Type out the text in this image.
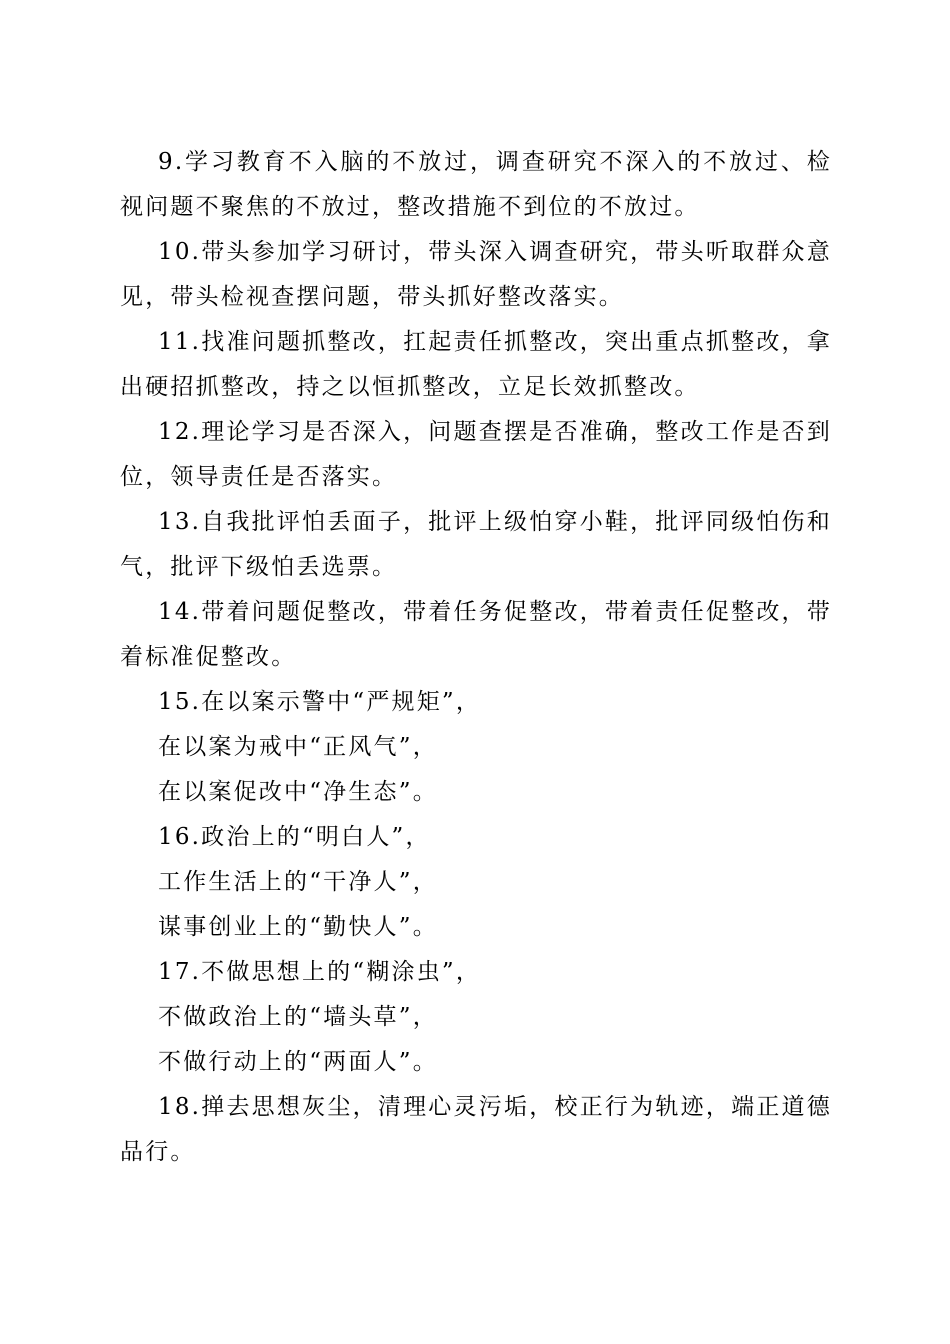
9.学习教育不入脑的不放过，调查研究不深入的不放过、检视问题不聚焦的不放过，整改措施不到位的不放过。

10.带头参加学习研讨，带头深入调查研究，带头听取群众意见，带头检视查摆问题，带头抓好整改落实。

11.找准问题抓整改，扛起责任抓整改，突出重点抓整改，拿出硬招抓整改，持之以恒抓整改，立足长效抓整改。

12.理论学习是否深入，问题查摆是否准确，整改工作是否到位，领导责任是否落实。

13.自我批评怕丢面子，批评上级怕穿小鞋，批评同级怕伤和气，批评下级怕丢选票。

14.带着问题促整改，带着任务促整改，带着责任促整改，带着标准促整改。

15.在以案示警中“严规矩”，

在以案为戒中“正风气”，

在以案促改中“净生态”。

16.政治上的“明白人”，

工作生活上的“干净人”，

谋事创业上的“勤快人”。

17.不做思想上的“糊涂虫”，

不做政治上的“墙头草”，

不做行动上的“两面人”。

18.掸去思想灰尘，清理心灵污垢，校正行为轨迹，端正道德品行。
